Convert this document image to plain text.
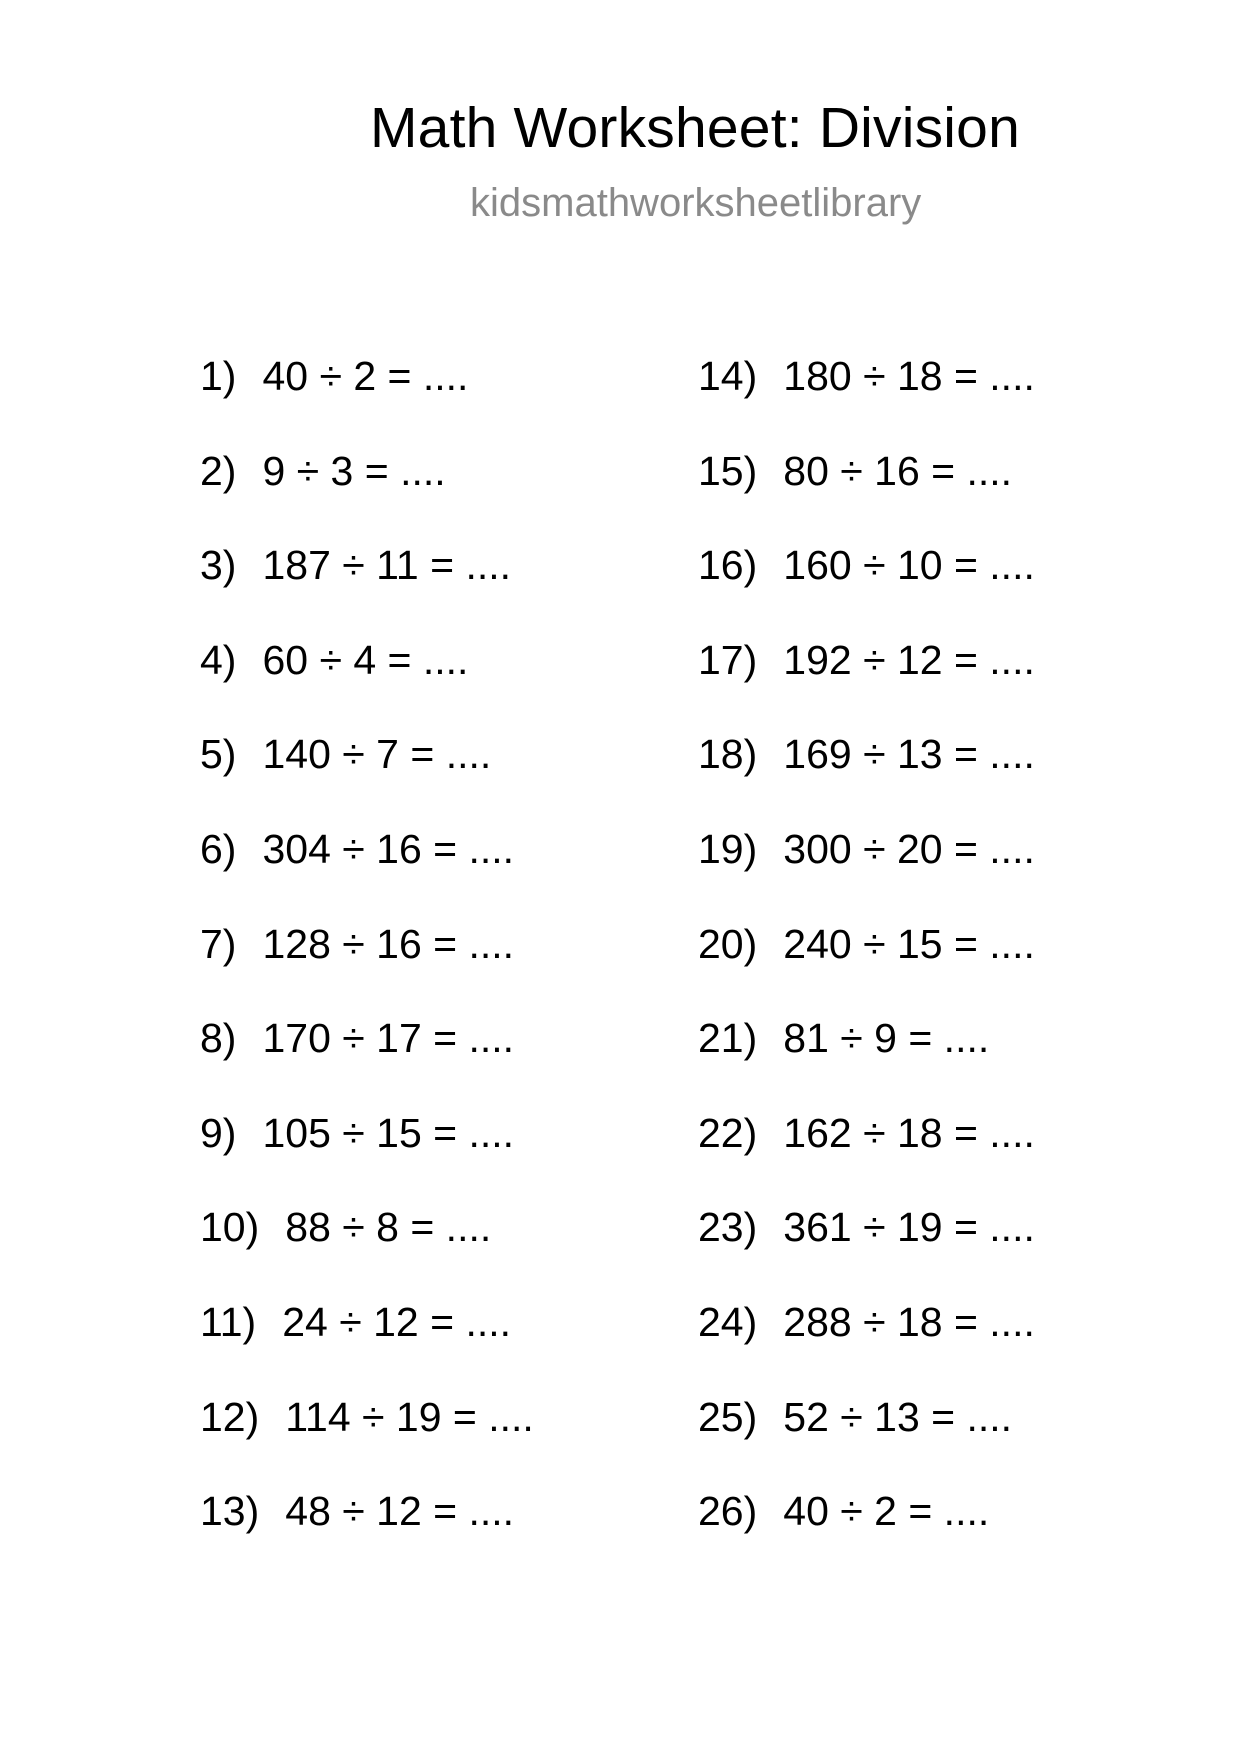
Math Worksheet: Division
kidsmathworksheetlibrary
1) 40 ÷ 2 = ....
2) 9 ÷ 3 = ....
3) 187 ÷ 11 = ....
4) 60 ÷ 4 = ....
5) 140 ÷ 7 = ....
6) 304 ÷ 16 = ....
7) 128 ÷ 16 = ....
8) 170 ÷ 17 = ....
9) 105 ÷ 15 = ....
10) 88 ÷ 8 = ....
11) 24 ÷ 12 = ....
12) 114 ÷ 19 = ....
13) 48 ÷ 12 = ....
14) 180 ÷ 18 = ....
15) 80 ÷ 16 = ....
16) 160 ÷ 10 = ....
17) 192 ÷ 12 = ....
18) 169 ÷ 13 = ....
19) 300 ÷ 20 = ....
20) 240 ÷ 15 = ....
21) 81 ÷ 9 = ....
22) 162 ÷ 18 = ....
23) 361 ÷ 19 = ....
24) 288 ÷ 18 = ....
25) 52 ÷ 13 = ....
26) 40 ÷ 2 = ....
